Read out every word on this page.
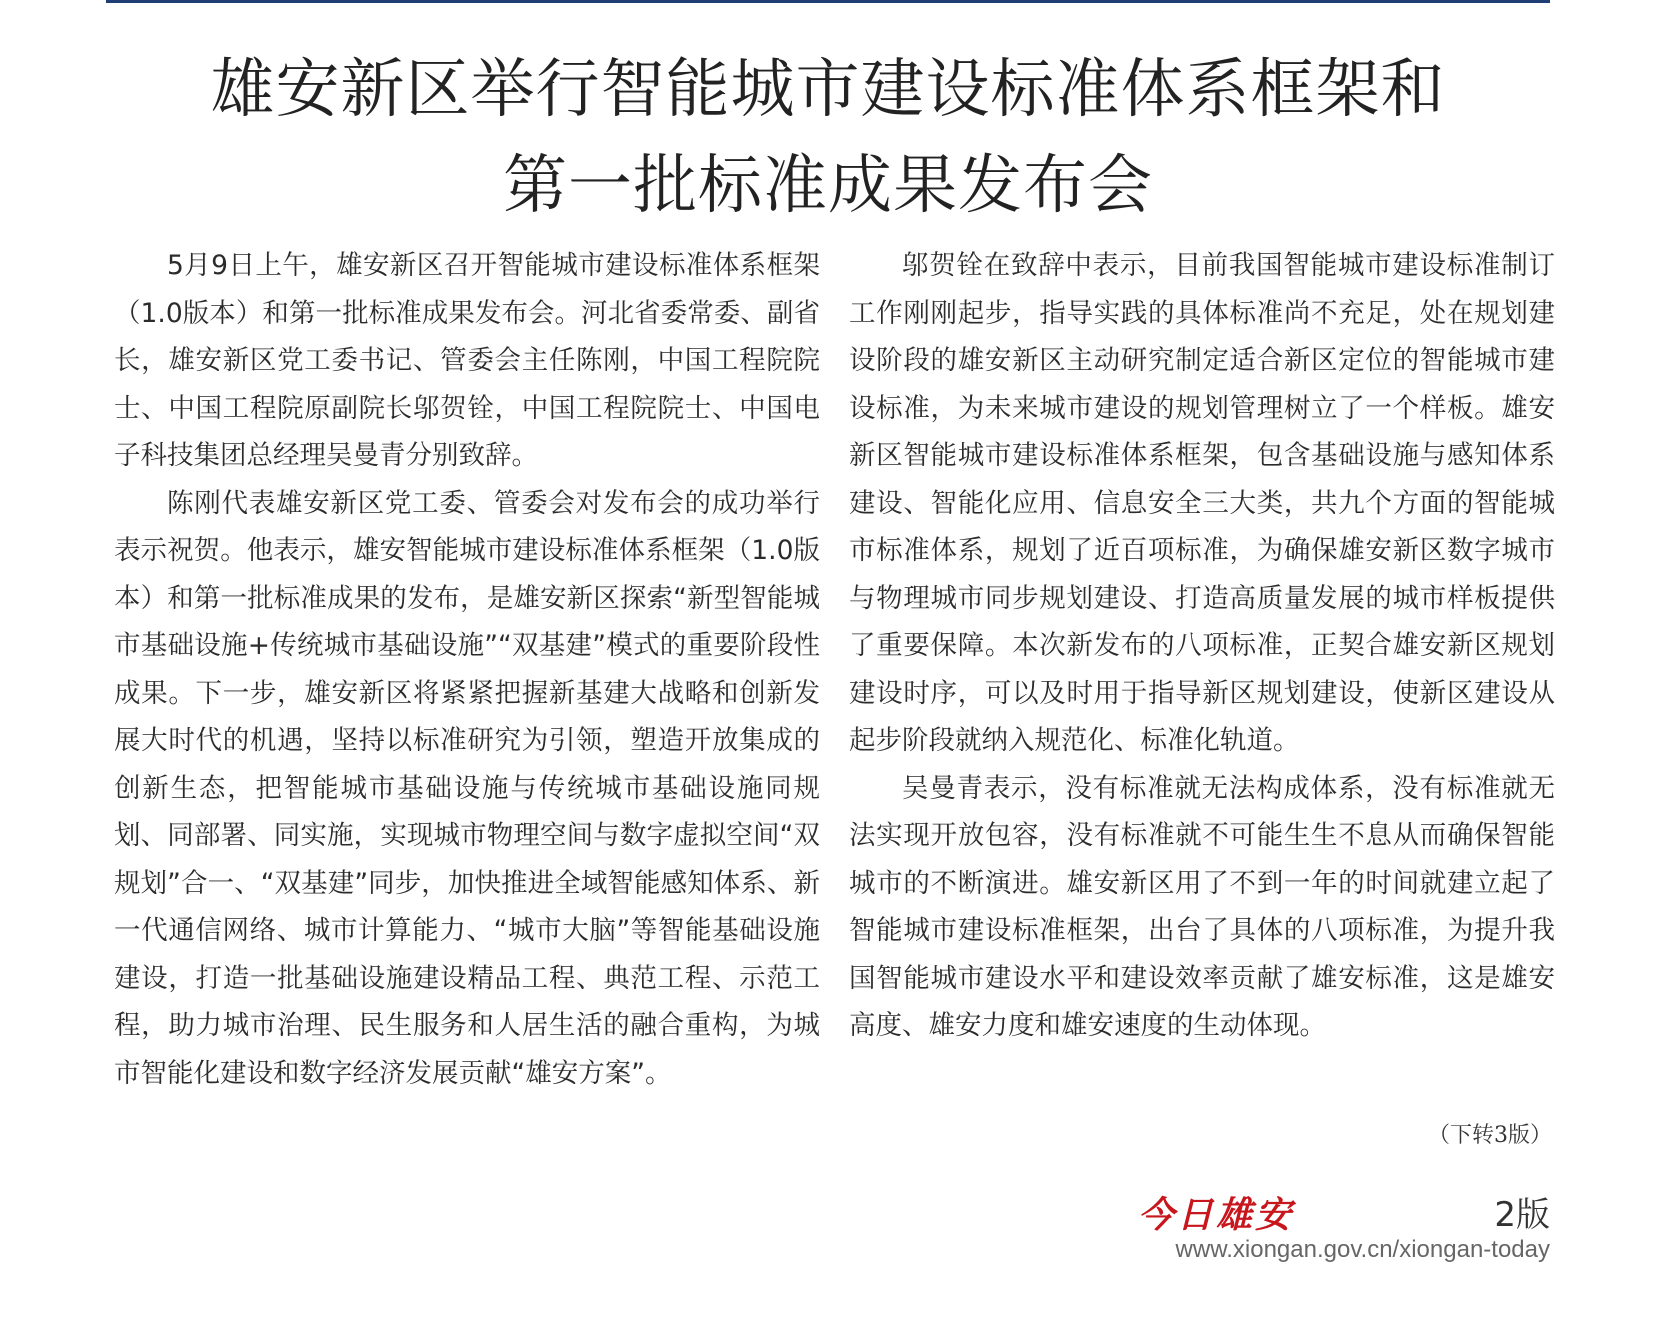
雄安新区举行智能城市建设标准体系框架和
第一批标准成果发布会

5月9日上午，雄安新区召开智能城市建设标准体系框架（1.0版本）和第一批标准成果发布会。河北省委常委、副省长，雄安新区党工委书记、管委会主任陈刚，中国工程院院士、中国工程院原副院长邬贺铨，中国工程院院士、中国电子科技集团总经理吴曼青分别致辞。

陈刚代表雄安新区党工委、管委会对发布会的成功举行表示祝贺。他表示，雄安智能城市建设标准体系框架（1.0版本）和第一批标准成果的发布，是雄安新区探索“新型智能城市基础设施+传统城市基础设施”“双基建”模式的重要阶段性成果。下一步，雄安新区将紧紧把握新基建大战略和创新发展大时代的机遇，坚持以标准研究为引领，塑造开放集成的创新生态，把智能城市基础设施与传统城市基础设施同规划、同部署、同实施，实现城市物理空间与数字虚拟空间“双规划”合一、“双基建”同步，加快推进全域智能感知体系、新一代通信网络、城市计算能力、“城市大脑”等智能基础设施建设，打造一批基础设施建设精品工程、典范工程、示范工程，助力城市治理、民生服务和人居生活的融合重构，为城市智能化建设和数字经济发展贡献“雄安方案”。

邬贺铨在致辞中表示，目前我国智能城市建设标准制订工作刚刚起步，指导实践的具体标准尚不充足，处在规划建设阶段的雄安新区主动研究制定适合新区定位的智能城市建设标准，为未来城市建设的规划管理树立了一个样板。雄安新区智能城市建设标准体系框架，包含基础设施与感知体系建设、智能化应用、信息安全三大类，共九个方面的智能城市标准体系，规划了近百项标准，为确保雄安新区数字城市与物理城市同步规划建设、打造高质量发展的城市样板提供了重要保障。本次新发布的八项标准，正契合雄安新区规划建设时序，可以及时用于指导新区规划建设，使新区建设从起步阶段就纳入规范化、标准化轨道。

吴曼青表示，没有标准就无法构成体系，没有标准就无法实现开放包容，没有标准就不可能生生不息从而确保智能城市的不断演进。雄安新区用了不到一年的时间就建立起了智能城市建设标准框架，出台了具体的八项标准，为提升我国智能城市建设水平和建设效率贡献了雄安标准，这是雄安高度、雄安力度和雄安速度的生动体现。

（下转3版）
今日雄安	2版
www.xiongan.gov.cn/xiongan-today
